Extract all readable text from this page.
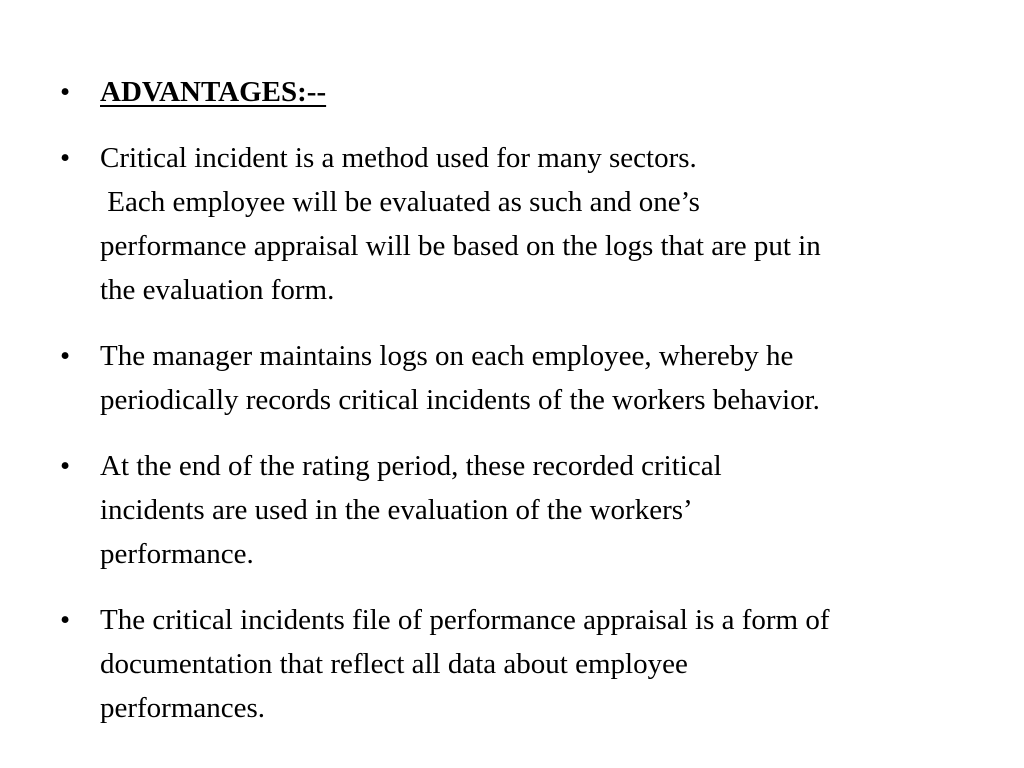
•	ADVANTAGES:--
•	Critical incident is a method used for many sectors.
Each employee will be evaluated as such and one’s
performance appraisal will be based on the logs that are put in
the evaluation form.
•	The manager maintains logs on each employee, whereby he
periodically records critical incidents of the workers behavior.
•	At the end of the rating period, these recorded critical
incidents are used in the evaluation of the workers’
performance.
•	The critical incidents file of performance appraisal is a form of
documentation that reflect all data about employee
performances.
